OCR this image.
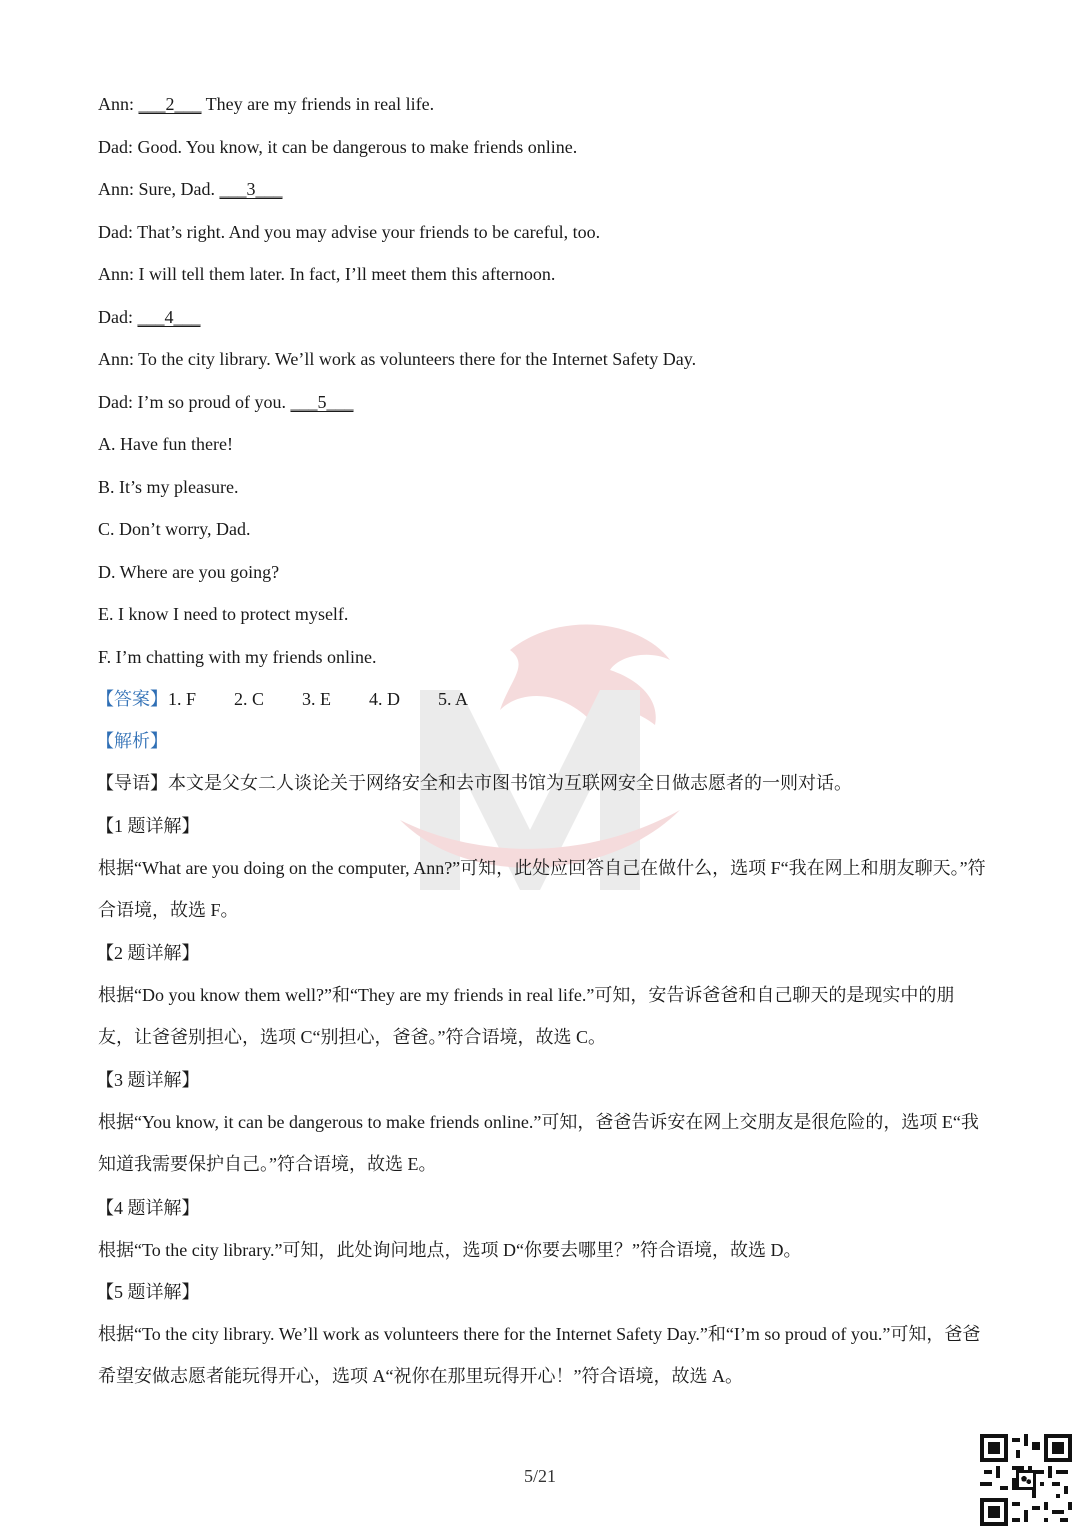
Ann: ___2___ They are my friends in real life.
Dad: Good. You know, it can be dangerous to make friends online.
Ann: Sure, Dad. ___3___
Dad: That’s right. And you may advise your friends to be careful, too.
Ann: I will tell them later. In fact, I’ll meet them this afternoon.
Dad: ___4___
Ann: To the city library. We’ll work as volunteers there for the Internet Safety Day.
Dad: I’m so proud of you. ___5___
A. Have fun there!
B. It’s my pleasure.
C. Don’t worry, Dad.
D. Where are you going?
E. I know I need to protect myself.
F. I’m chatting with my friends online.
【答案】1. F 2. C 3. E 4. D 5. A
【解析】
【导语】本文是父女二人谈论关于网络安全和去市图书馆为互联网安全日做志愿者的一则对话。
【1 题详解】
根据“What are you doing on the computer, Ann?”可知，此处应回答自己在做什么，选项 F“我在网上和朋友聊天。”符合语境，故选 F。
【2 题详解】
根据“Do you know them well?”和“They are my friends in real life.”可知，安告诉爸爸和自己聊天的是现实中的朋友，让爸爸别担心，选项 C“别担心，爸爸。”符合语境，故选 C。
【3 题详解】
根据“You know, it can be dangerous to make friends online.”可知，爸爸告诉安在网上交朋友是很危险的，选项 E“我知道我需要保护自己。”符合语境，故选 E。
【4 题详解】
根据“To the city library.”可知，此处询问地点，选项 D“你要去哪里？”符合语境，故选 D。
【5 题详解】
根据“To the city library. We’ll work as volunteers there for the Internet Safety Day.”和“I’m so proud of you.”可知，爸爸希望安做志愿者能玩得开心，选项 A“祝你在那里玩得开心！”符合语境，故选 A。
5/21
